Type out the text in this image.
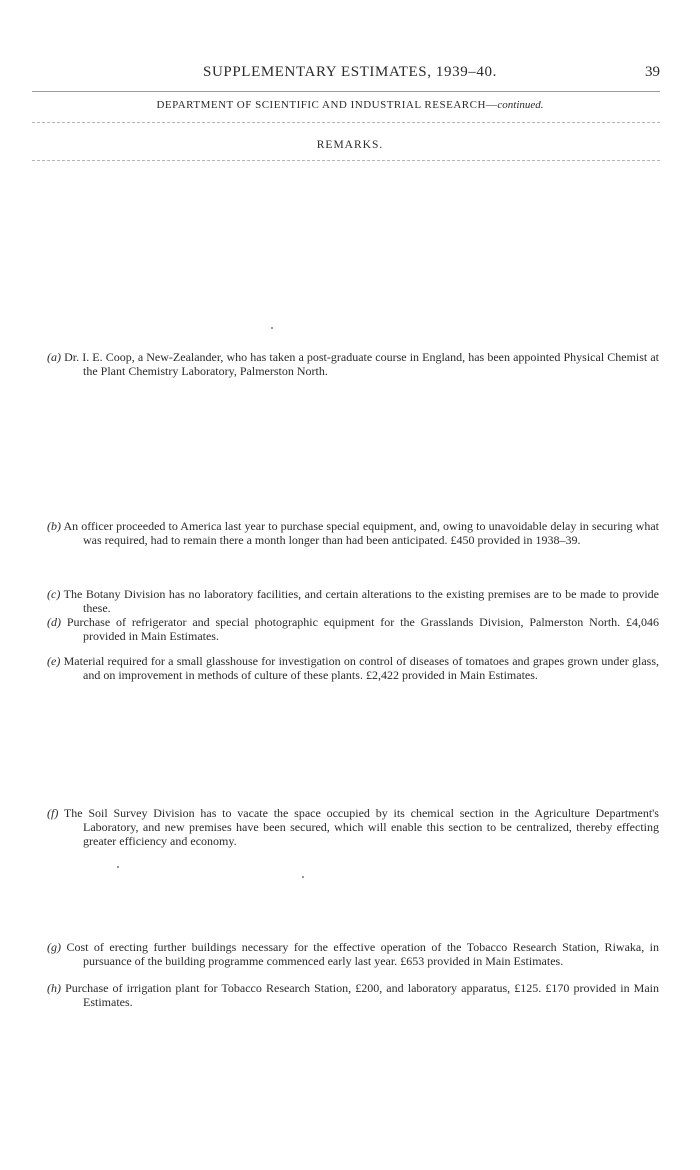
SUPPLEMENTARY ESTIMATES, 1939–40.	39
DEPARTMENT OF SCIENTIFIC AND INDUSTRIAL RESEARCH—continued.
REMARKS.
(a) Dr. I. E. Coop, a New-Zealander, who has taken a post-graduate course in England, has been appointed Physical Chemist at the Plant Chemistry Laboratory, Palmerston North.
(b) An officer proceeded to America last year to purchase special equipment, and, owing to unavoidable delay in securing what was required, had to remain there a month longer than had been anticipated. £450 provided in 1938–39.
(c) The Botany Division has no laboratory facilities, and certain alterations to the existing premises are to be made to provide these.
(d) Purchase of refrigerator and special photographic equipment for the Grasslands Division, Palmerston North. £4,046 provided in Main Estimates.
(e) Material required for a small glasshouse for investigation on control of diseases of tomatoes and grapes grown under glass, and on improvement in methods of culture of these plants. £2,422 provided in Main Estimates.
(f) The Soil Survey Division has to vacate the space occupied by its chemical section in the Agriculture Department's Laboratory, and new premises have been secured, which will enable this section to be centralized, thereby effecting greater efficiency and economy.
(g) Cost of erecting further buildings necessary for the effective operation of the Tobacco Research Station, Riwaka, in pursuance of the building programme commenced early last year. £653 provided in Main Estimates.
(h) Purchase of irrigation plant for Tobacco Research Station, £200, and laboratory apparatus, £125. £170 provided in Main Estimates.
